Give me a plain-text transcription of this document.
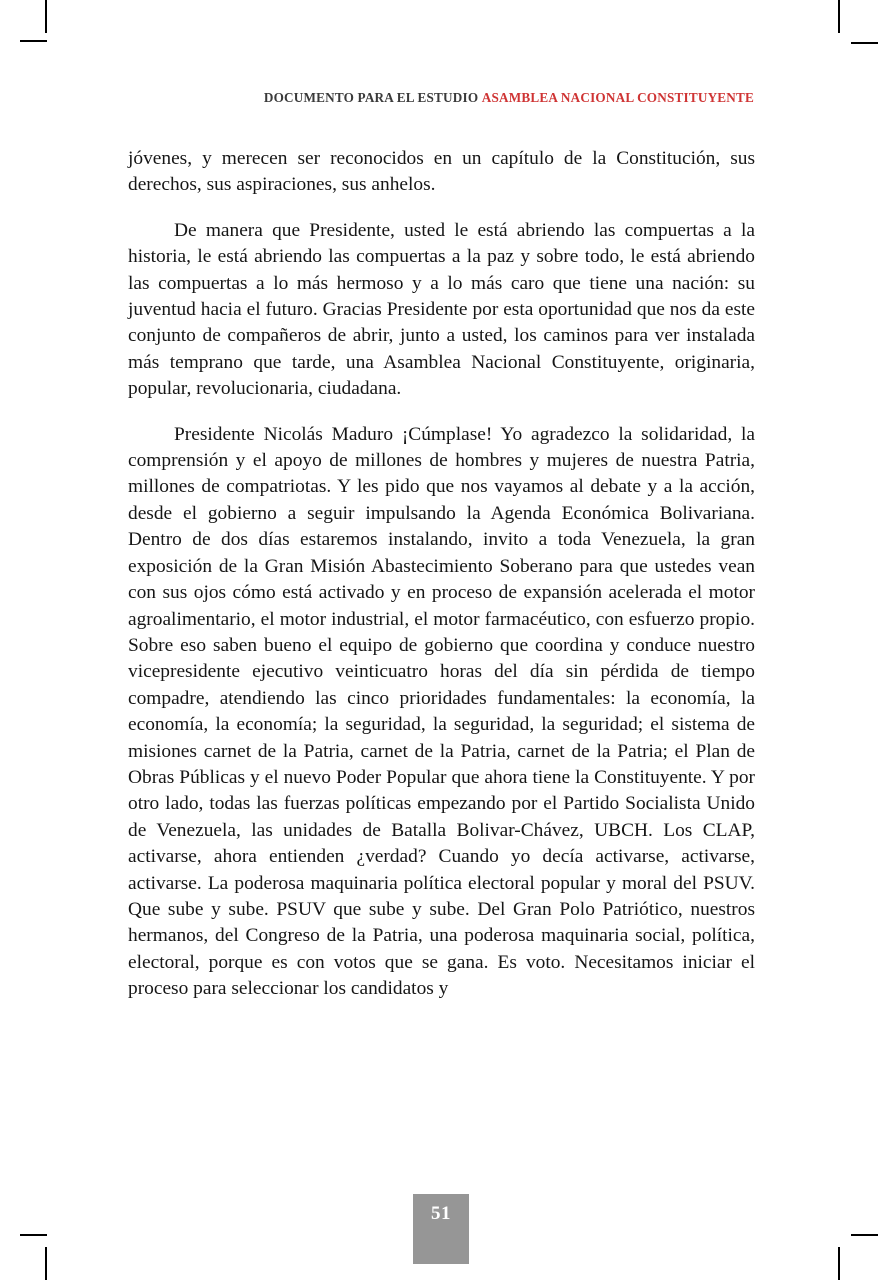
DOCUMENTO PARA EL ESTUDIO ASAMBLEA NACIONAL CONSTITUYENTE

jóvenes, y merecen ser reconocidos en un capítulo de la Constitución, sus derechos, sus aspiraciones, sus anhelos.

De manera que Presidente, usted le está abriendo las compuertas a la historia, le está abriendo las compuertas a la paz y sobre todo, le está abriendo las compuertas a lo más hermoso y a lo más caro que tiene una nación: su juventud hacia el futuro. Gracias Presidente por esta oportunidad que nos da este conjunto de compañeros de abrir, junto a usted, los caminos para ver instalada más temprano que tarde, una Asamblea Nacional Constituyente, originaria, popular, revolucionaria, ciudadana.

Presidente Nicolás Maduro ¡Cúmplase! Yo agradezco la solidaridad, la comprensión y el apoyo de millones de hombres y mujeres de nuestra Patria, millones de compatriotas. Y les pido que nos vayamos al debate y a la acción, desde el gobierno a seguir impulsando la Agenda Económica Bolivariana. Dentro de dos días estaremos instalando, invito a toda Venezuela, la gran exposición de la Gran Misión Abastecimiento Soberano para que ustedes vean con sus ojos cómo está activado y en proceso de expansión acelerada el motor agroalimentario, el motor industrial, el motor farmacéutico, con esfuerzo propio. Sobre eso saben bueno el equipo de gobierno que coordina y conduce nuestro vicepresidente ejecutivo veinticuatro horas del día sin pérdida de tiempo compadre, atendiendo las cinco prioridades fundamentales: la economía, la economía, la economía; la seguridad, la seguridad, la seguridad; el sistema de misiones carnet de la Patria, carnet de la Patria, carnet de la Patria; el Plan de Obras Públicas y el nuevo Poder Popular que ahora tiene la Constituyente. Y por otro lado, todas las fuerzas políticas empezando por el Partido Socialista Unido de Venezuela, las unidades de Batalla Bolivar-Chávez, UBCH. Los CLAP, activarse, ahora entienden ¿verdad? Cuando yo decía activarse, activarse, activarse. La poderosa maquinaria política electoral popular y moral del PSUV. Que sube y sube. PSUV que sube y sube. Del Gran Polo Patriótico, nuestros hermanos, del Congreso de la Patria, una poderosa maquinaria social, política, electoral, porque es con votos que se gana. Es voto. Necesitamos iniciar el proceso para seleccionar los candidatos y

51
